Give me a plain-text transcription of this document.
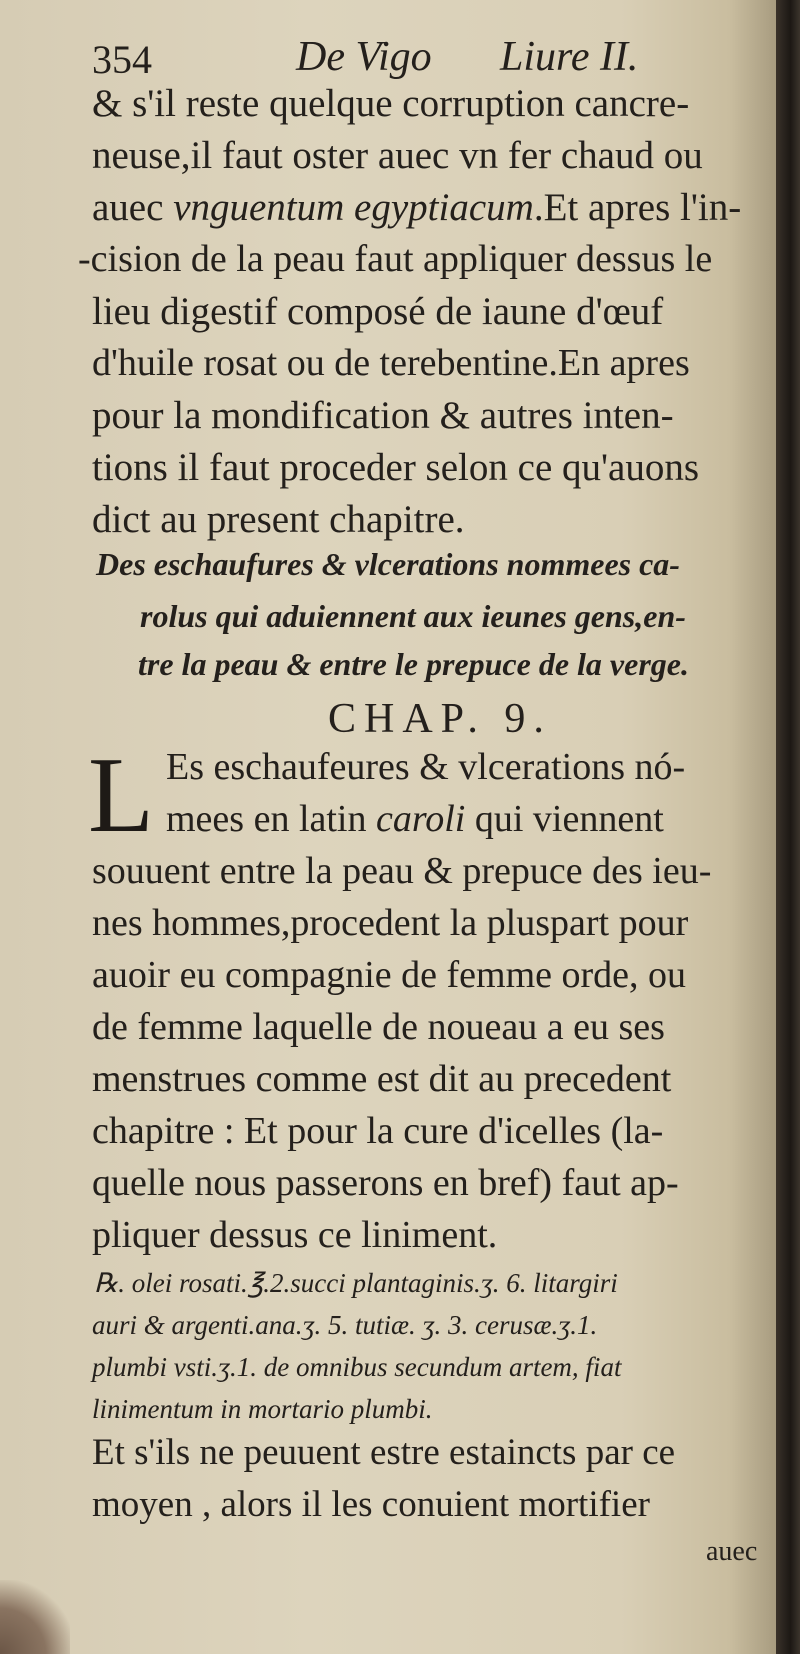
354	De Vigo Liure II.
& s'il reste quelque corruption cancre-
neuse,il faut oster auec vn fer chaud ou
auec vnguentum egyptiacum.Et apres l'in-
-cision de la peau faut appliquer dessus le
lieu digestif composé de iaune d'œuf
d'huile rosat ou de terebentine.En apres
pour la mondification & autres inten-
tions il faut proceder selon ce qu'auons
dict au present chapitre.
Des eschaufures & vlcerations nommees ca-
rolus qui aduiennent aux ieunes gens,en-
tre la peau & entre le prepuce de la verge.
CHAP. 9.
L Es eschaufeures & vlcerations nó-
mees en latin caroli qui viennent
souuent entre la peau & prepuce des ieu-
nes hommes,procedent la pluspart pour
auoir eu compagnie de femme orde, ou
de femme laquelle de noueau a eu ses
menstrues comme est dit au precedent
chapitre : Et pour la cure d'icelles (la-
quelle nous passerons en bref) faut ap-
pliquer dessus ce liniment.
℞. olei rosati.℥.2.succi plantaginis.ʒ. 6. litargiri
auri & argenti.ana.ʒ. 5. tutiæ. ʒ. 3. cerusæ.ʒ.1.
plumbi vsti.ʒ.1. de omnibus secundum artem, fiat
linimentum in mortario plumbi.
Et s'ils ne peuuent estre estaincts par ce
moyen , alors il les conuient mortifier
auec
